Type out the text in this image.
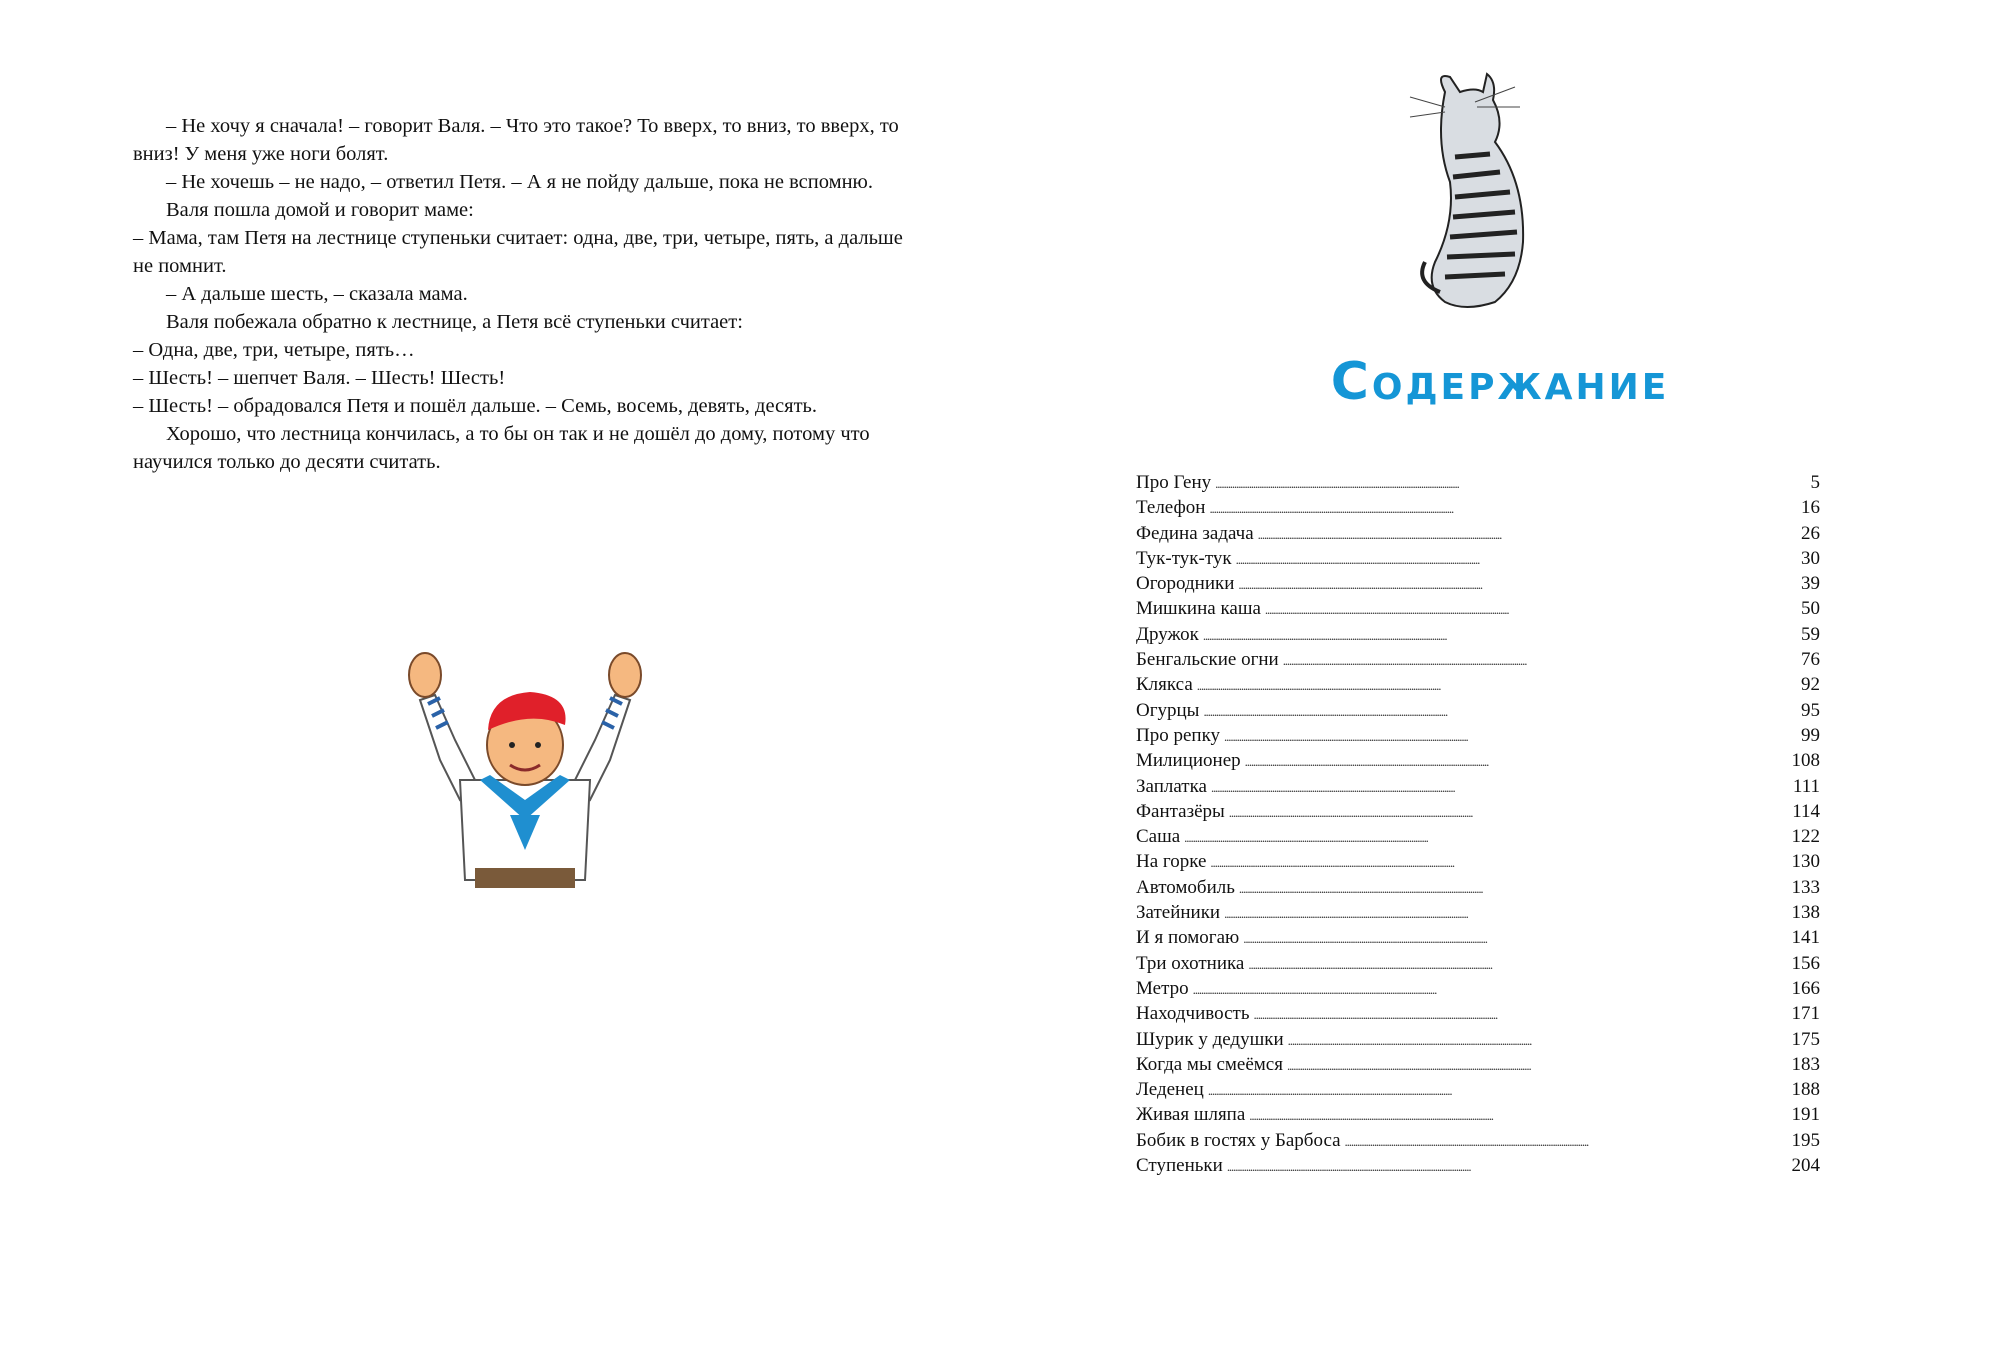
– Не хочу я сначала! – говорит Валя. – Что это такое? То вверх, то вниз, то вверх, то вниз! У меня уже ноги болят.

– Не хочешь – не надо, – ответил Петя. – А я не пойду дальше, пока не вспомню.

Валя пошла домой и говорит маме:

– Мама, там Петя на лестнице ступеньки считает: одна, две, три, четыре, пять, а дальше не помнит.

– А дальше шесть, – сказала мама.

Валя побежала обратно к лестнице, а Петя всё ступеньки считает:

– Одна, две, три, четыре, пять…

– Шесть! – шепчет Валя. – Шесть! Шесть!

– Шесть! – обрадовался Петя и пошёл дальше. – Семь, восемь, девять, десять.

Хорошо, что лестница кончилась, а то бы он так и не дошёл до дому, потому что научился только до десяти считать.

Содержание
Про Гену . . .	5
Телефон . . .	16
Федина задача . . .	26
Тук-тук-тук . . .	30
Огородники . . .	39
Мишкина каша . . .	50
Дружок . . .	59
Бенгальские огни . . .	76
Клякса . . .	92
Огурцы . . .	95
Про репку . . .	99
Милиционер . . .	108
Заплатка . . .	111
Фантазёры . . .	114
Саша . . .	122
На горке . . .	130
Автомобиль . . .	133
Затейники . . .	138
И я помогаю . . .	141
Три охотника . . .	156
Метро . . .	166
Находчивость . . .	171
Шурик у дедушки . . .	175
Когда мы смеёмся . . .	183
Леденец . . .	188
Живая шляпа . . .	191
Бобик в гостях у Барбоса . . .	195
Ступеньки . . .	204
